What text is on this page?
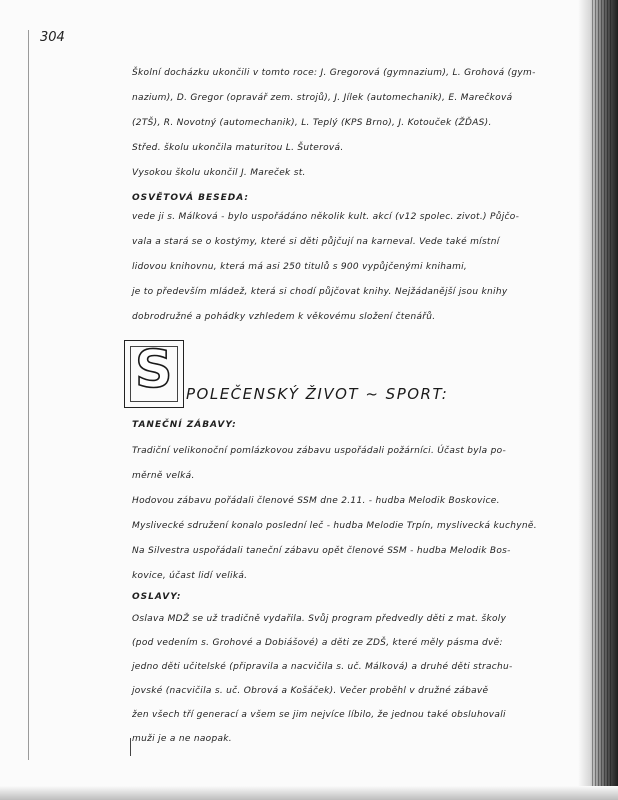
304
Školní docházku ukončili v tomto roce: J. Gregorová (gymnazium), L. Grohová (gym-
nazium), D. Gregor (opravář zem. strojů), J. Jílek (automechanik), E. Marečková
(2TŠ), R. Novotný (automechanik), L. Teplý (KPS Brno), J. Kotouček (ŽĎAS).
Střed. školu ukončila maturitou L. Šuterová.
Vysokou školu ukončil J. Mareček st.
OSVĚTOVÁ BESEDA:
vede ji s. Málková - bylo uspořádáno několik kult. akcí (v12 spolec. zivot.) Půjčo-
vala a stará se o kostýmy, které si děti půjčují na karneval. Vede také místní
lidovou knihovnu, která má asi 250 titulů s 900 vypůjčenými knihami,
je to především mládež, která si chodí půjčovat knihy. Nejžádanější jsou knihy
dobrodružné a pohádky vzhledem k věkovému složení čtenářů.
S POLEČENSKÝ ŽIVOT ~ SPORT:
TANEČNÍ ZÁBAVY:
Tradiční velikonoční pomlázkovou zábavu uspořádali požárníci. Účast byla po-
měrně velká.
Hodovou zábavu pořádali členové SSM dne 2.11. - hudba Melodik Boskovice.
Myslivecké sdružení konalo poslední leč - hudba Melodie Trpín, myslivecká kuchyně.
Na Silvestra uspořádali taneční zábavu opět členové SSM - hudba Melodik Bos-
kovice, účast lidí veliká.
OSLAVY:
Oslava MDŽ se už tradičně vydařila. Svůj program předvedly děti z mat. školy
(pod vedením s. Grohové a Dobiášové) a děti ze ZDŠ, které měly pásma dvě:
jedno děti učitelské (připravila a nacvičila s. uč. Málková) a druhé děti strachu-
jovské (nacvičila s. uč. Obrová a Košáček). Večer proběhl v družné zábavě
žen všech tří generací a všem se jim nejvíce líbilo, že jednou také obsluhovali
muži je a ne naopak.
